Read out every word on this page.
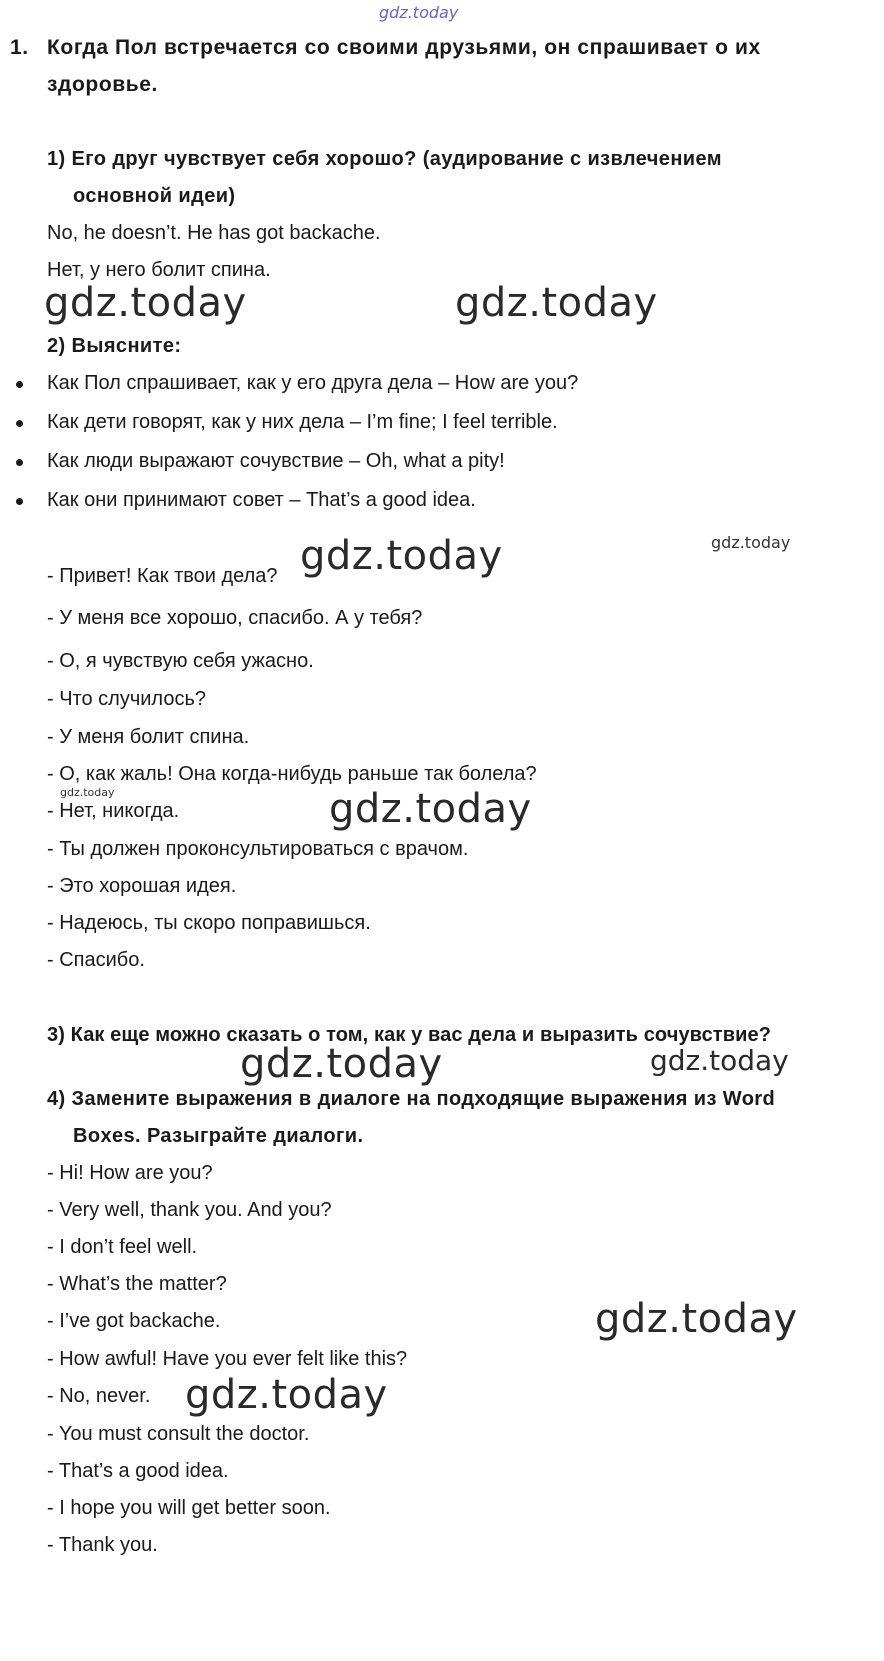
gdz.today
1. Когда Пол встречается со своими друзьями, он спрашивает о их
здоровье.
1) Его друг чувствует себя хорошо? (аудирование с извлечением
основной идеи)
No, he doesn’t. He has got backache.
Нет, у него болит спина.
gdz.today	gdz.today
2) Выясните:
Как Пол спрашивает, как у его друга дела – How are you?
Как дети говорят, как у них дела – I’m fine; I feel terrible.
Как люди выражают сочувствие – Oh, what a pity!
Как они принимают совет – That’s a good idea.
gdz.today
gdz.today
- Привет! Как твои дела?
- У меня все хорошо, спасибо. А у тебя?
- О, я чувствую себя ужасно.
- Что случилось?
- У меня болит спина.
- О, как жаль! Она когда-нибудь раньше так болела?
gdz.today
- Нет, никогда.	gdz.today
- Ты должен проконсультироваться с врачом.
- Это хорошая идея.
- Надеюсь, ты скоро поправишься.
- Спасибо.
3) Как еще можно сказать о том, как у вас дела и выразить сочувствие?
gdz.today	gdz.today
4) Замените выражения в диалоге на подходящие выражения из Word
Boxes. Разыграйте диалоги.
- Hi! How are you?
- Very well, thank you. And you?
- I don’t feel well.
- What’s the matter?
- I’ve got backache.	gdz.today
- How awful! Have you ever felt like this?
- No, never. gdz.today
- You must consult the doctor.
- That’s a good idea.
- I hope you will get better soon.
- Thank you.
